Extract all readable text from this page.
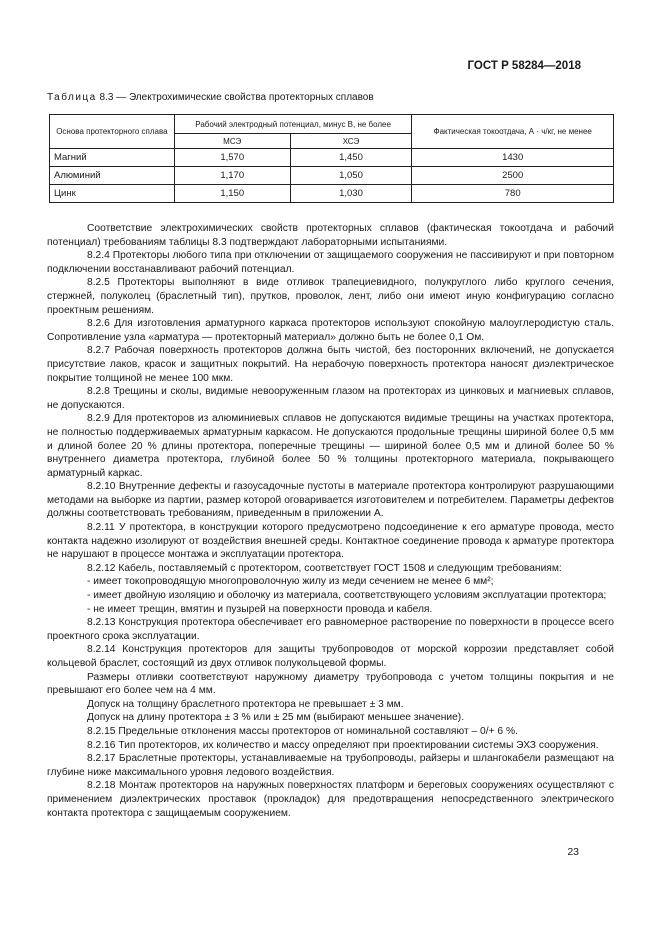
ГОСТ Р 58284—2018
Таблица 8.3 — Электрохимические свойства протекторных сплавов
Основа протекторного сплава	Рабочий электродный потенциал, минус В, не более		Фактическая токоотдача, А · ч/кг, не менее
	МСЭ	ХСЭ	
Магний	1,570	1,450	1430
Алюминий	1,170	1,050	2500
Цинк	1,150	1,030	780

Соответствие электрохимических свойств протекторных сплавов (фактическая токоотдача и рабочий потенциал) требованиям таблицы 8.3 подтверждают лабораторными испытаниями.

8.2.4 Протекторы любого типа при отключении от защищаемого сооружения не пассивируют и при повторном подключении восстанавливают рабочий потенциал.

8.2.5 Протекторы выполняют в виде отливок трапециевидного, полукруглого либо круглого сечения, стержней, полуколец (браслетный тип), прутков, проволок, лент, либо они имеют иную конфигурацию согласно проектным решениям.

8.2.6 Для изготовления арматурного каркаса протекторов используют спокойную малоуглеродистую сталь. Сопротивление узла «арматура — протекторный материал» должно быть не более 0,1 Ом.

8.2.7 Рабочая поверхность протекторов должна быть чистой, без посторонних включений, не допускается присутствие лаков, красок и защитных покрытий. На нерабочую поверхность протектора наносят диэлектрическое покрытие толщиной не менее 100 мкм.

8.2.8 Трещины и сколы, видимые невооруженным глазом на протекторах из цинковых и магниевых сплавов, не допускаются.

8.2.9 Для протекторов из алюминиевых сплавов не допускаются видимые трещины на участках протектора, не полностью поддерживаемых арматурным каркасом. Не допускаются продольные трещины шириной более 0,5 мм и длиной более 20 % длины протектора, поперечные трещины — шириной более 0,5 мм и длиной более 50 % внутреннего диаметра протектора, глубиной более 50 % толщины протекторного материала, покрывающего арматурный каркас.

8.2.10 Внутренние дефекты и газоусадочные пустоты в материале протектора контролируют разрушающими методами на выборке из партии, размер которой оговаривается изготовителем и потребителем. Параметры дефектов должны соответствовать требованиям, приведенным в приложении А.

8.2.11 У протектора, в конструкции которого предусмотрено подсоединение к его арматуре провода, место контакта надежно изолируют от воздействия внешней среды. Контактное соединение провода к арматуре протектора не нарушают в процессе монтажа и эксплуатации протектора.

8.2.12 Кабель, поставляемый с протектором, соответствует ГОСТ 1508 и следующим требованиям:

- имеет токопроводящую многопроволочную жилу из меди сечением не менее 6 мм²;

- имеет двойную изоляцию и оболочку из материала, соответствующего условиям эксплуатации протектора;

- не имеет трещин, вмятин и пузырей на поверхности провода и кабеля.

8.2.13 Конструкция протектора обеспечивает его равномерное растворение по поверхности в процессе всего проектного срока эксплуатации.

8.2.14 Конструкция протекторов для защиты трубопроводов от морской коррозии представляет собой кольцевой браслет, состоящий из двух отливок полукольцевой формы.

Размеры отливки соответствуют наружному диаметру трубопровода с учетом толщины покрытия и не превышают его более чем на 4 мм.

Допуск на толщину браслетного протектора не превышает ± 3 мм.

Допуск на длину протектора ± 3 % или ± 25 мм (выбирают меньшее значение).

8.2.15 Предельные отклонения массы протекторов от номинальной составляют – 0/+ 6 %.

8.2.16 Тип протекторов, их количество и массу определяют при проектировании системы ЭХЗ сооружения.

8.2.17 Браслетные протекторы, устанавливаемые на трубопроводы, райзеры и шлангокабели размещают на глубине ниже максимального уровня ледового воздействия.

8.2.18 Монтаж протекторов на наружных поверхностях платформ и береговых сооружениях осуществляют с применением диэлектрических проставок (прокладок) для предотвращения непосредственного электрического контакта протектора с защищаемым сооружением.

23
